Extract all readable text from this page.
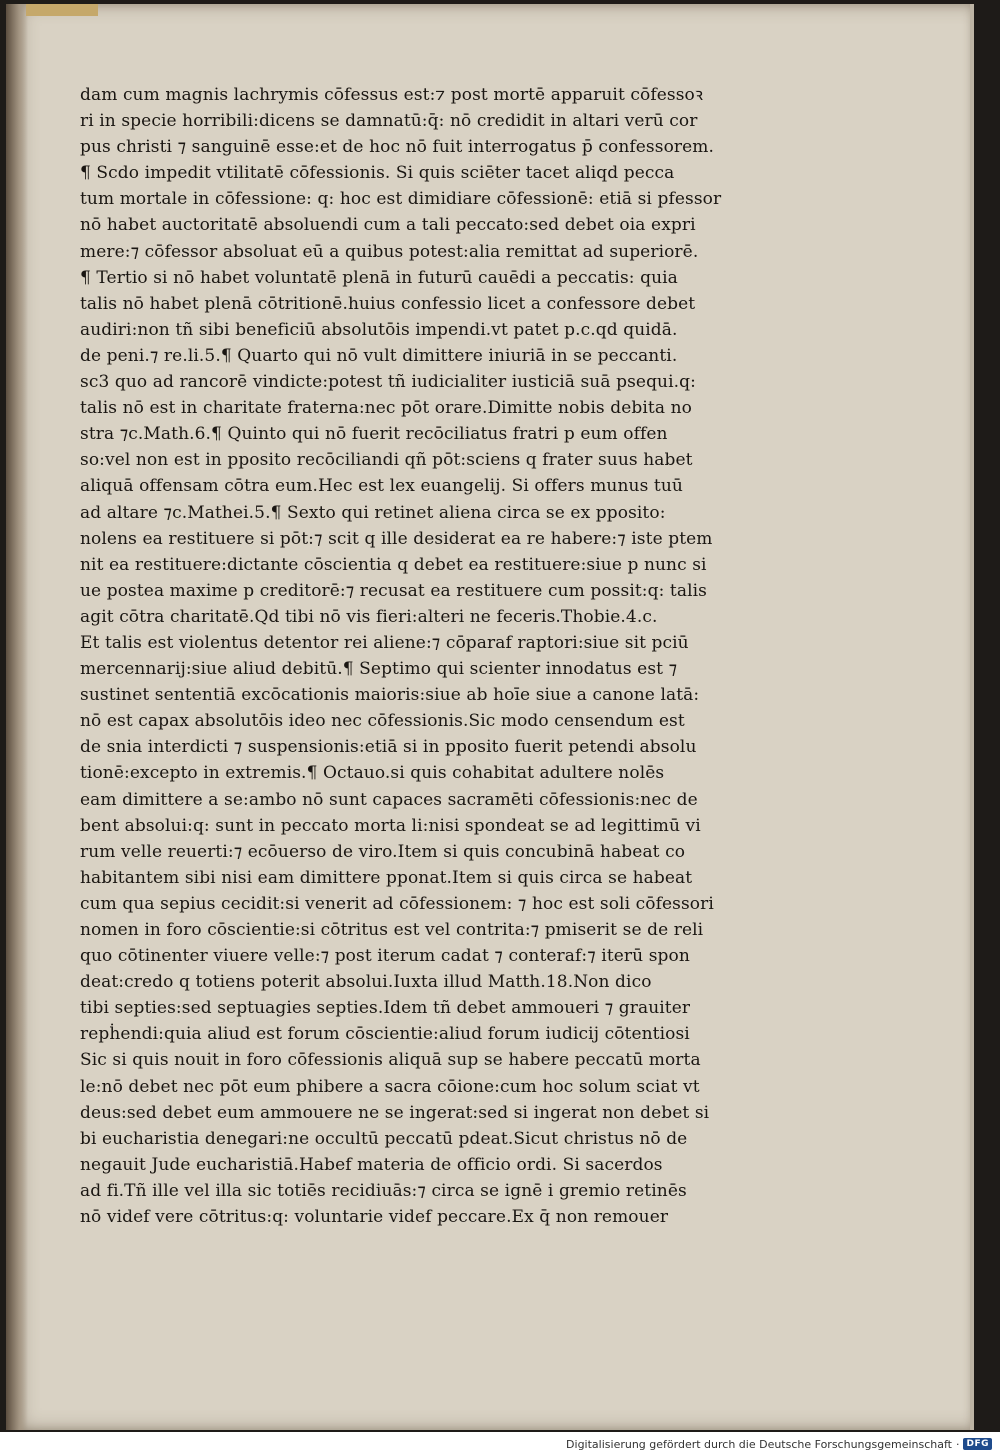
dam cum magnis lachrymis cōfessus est:⁊ post mortē apparuit cōfessoꝛ
ri in specie horribili:dicens se damnatū:q̄: nō credidit in altari verū cor
pus christi ⁊ sanguinē esse:et de hoc nō fuit interrogatus p̄ confessorem.
¶ Scdo impedit vtilitatē cōfessionis. Si quis sciēter tacet aliqd pecca
tum mortale in cōfessione: q: hoc est dimidiare cōfessionē: etiā si pfessor
nō habet auctoritatē absoluendi cum a tali peccato:sed debet oia expri
mere:⁊ cōfessor absoluat eū a quibus potest:alia remittat ad superiorē.
¶ Tertio si nō habet voluntatē plenā in futurū cauēdi a peccatis: quia
talis nō habet plenā cōtritionē.huius confessio licet a confessore debet
audiri:non tñ sibi beneficiū absolutōis impendi.vt patet p.c.qd quidā.
de peni.⁊ re.li.5.¶ Quarto qui nō vult dimittere iniuriā in se peccanti.
sc3 quo ad rancorē vindicte:potest tñ iudicialiter iusticiā suā psequi.q:
talis nō est in charitate fraterna:nec pōt orare.Dimitte nobis debita no
stra ⁊c.Math.6.¶ Quinto qui nō fuerit recōciliatus fratri p eum offen
so:vel non est in pposito recōciliandi qñ pōt:sciens q frater suus habet
aliquā offensam cōtra eum.Hec est lex euangelij. Si offers munus tuū
ad altare ⁊c.Mathei.5.¶ Sexto qui retinet aliena circa se ex pposito:
nolens ea restituere si pōt:⁊ scit q ille desiderat ea re habere:⁊ iste ptem
nit ea restituere:dictante cōscientia q debet ea restituere:siue p nunc si
ue postea maxime p creditorē:⁊ recusat ea restituere cum possit:q: talis
agit cōtra charitatē.Qd tibi nō vis fieri:alteri ne feceris.Thobie.4.c.
Et talis est violentus detentor rei aliene:⁊ cōparaf raptori:siue sit pciū
mercennarij:siue aliud debitū.¶ Septimo qui scienter innodatus est ⁊
sustinet sententiā excōcationis maioris:siue ab hoīe siue a canone latā:
nō est capax absolutōis ideo nec cōfessionis.Sic modo censendum est
de snia interdicti ⁊ suspensionis:etiā si in pposito fuerit petendi absolu
tionē:excepto in extremis.¶ Octauo.si quis cohabitat adultere nolēs
eam dimittere a se:ambo nō sunt capaces sacramēti cōfessionis:nec de
bent absolui:q: sunt in peccato morta li:nisi spondeat se ad legittimū vi
rum velle reuerti:⁊ ecōuerso de viro.Item si quis concubinā habeat co
habitantem sibi nisi eam dimittere pponat.Item si quis circa se habeat
cum qua sepius cecidit:si venerit ad cōfessionem: ⁊ hoc est soli cōfessori
nomen in foro cōscientie:si cōtritus est vel contrita:⁊ pmiserit se de reli
quo cōtinenter viuere velle:⁊ post iterum cadat ⁊ conteraf:⁊ iterū spon
deat:credo q totiens poterit absolui.Iuxta illud Matth.18.Non dico
tibi septies:sed septuagies septies.Idem tñ debet ammoueri ⁊ grauiter
repḣendi:quia aliud est forum cōscientie:aliud forum iudicij cōtentiosi
Sic si quis nouit in foro cōfessionis aliquā sup se habere peccatū morta
le:nō debet nec pōt eum phibere a sacra cōione:cum hoc solum sciat vt
deus:sed debet eum ammouere ne se ingerat:sed si ingerat non debet si
bi eucharistia denegari:ne occultū peccatū pdeat.Sicut christus nō de
negauit Jude eucharistiā.Habef materia de officio ordi. Si sacerdos
ad fi.Tñ ille vel illa sic totiēs recidiuās:⁊ circa se ignē i gremio retinēs
nō videf vere cōtritus:q: voluntarie videf peccare.Ex q̄ non remouer
Digitalisierung gefördert durch die Deutsche Forschungsgemeinschaft · DFG
